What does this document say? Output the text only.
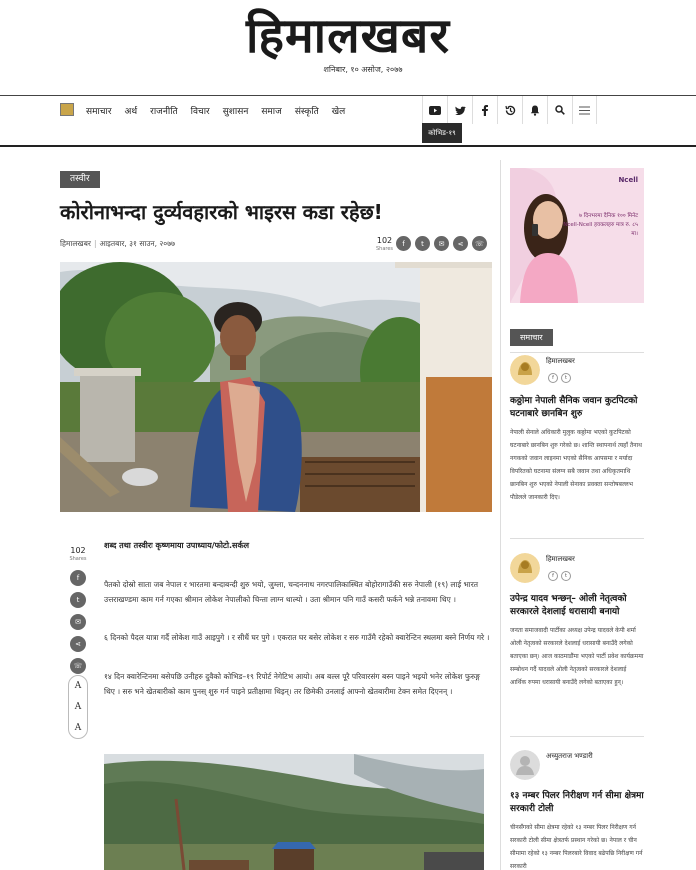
हिमालखबर
शनिबार, १० असोज, २०७७
समाचार अर्थ राजनीति विचार सुशासन समाज संस्कृति खेल
कोभिड-१९
तस्वीर
कोरोनाभन्दा दुर्व्यवहारको भाइरस कडा रहेछ!
हिमालखबर | आइतबार, ३१ साउन, २०७७	102
Shares
f	t	✉	⋖	☏
102
Shares
f
t
✉
⋖
☏
A
A
A
शब्द तथा तस्वीरः कृष्णमाया उपाध्याय/फोटो.सर्कल

पैतको दोस्रो साता जब नेपाल र भारतमा बन्दाबन्दी शुरु भयो, जुम्ला, चन्दननाथ नगरपालिकास्थित बोहोरागाउँकी सरु नेपाली (१९) लाई भारत उत्तराखण्डमा काम गर्न गएका श्रीमान लोकेश नेपालीको चिन्ता लाग्न थाल्यो । उता श्रीमान पनि गाउँ कसरी फर्कने भन्ने तनावमा थिए ।

६ दिनको पैदल यात्रा गर्दै लोकेश गाउँ आइपुगे । र सीधैं घर पुगे । एकरात घर बसेर लोकेश र सरु गाउँमै रहेको क्वारेन्टिन स्थलमा बस्ने निर्णय गरे ।

१४ दिन क्वारेन्टिनमा बसेपछि उनीहरु दुवैको कोभिड–१९ रिपोर्ट नेगेटिभ आयो। अब बल्ल पूरै परिवारसंग बस्न पाइने भइयो भनेर लोकेश फुरुङ्ग थिए । सरु भने खेतबारीको काम पुनस् शुरु गर्न पाइने प्रतीक्षामा थिइन्। तर छिमेकी उनलाई आफ्नो खेतबारीमा टेक्न समेत दिएनन् ।

Ncell
७ दिनभरमा दैनिक १०० मिनेट Ncell-Ncell हवकलहरु मात्र रु. ८५ मा।
समाचार
हिमालखबर
f	t
कठ्ठोमा नेपाली सैनिक जवान कुटपिटको घटनाबारे छानबिन शुरु
नेपाली सेनाले अधिकारी मुलुक कठ्ठोमा भएको कुटपिटको घटनाबारे छानबिन शुरु गरेको छ। शान्ति स्थापनार्थ त्यहाँ तैनाथ नगकको जवान लाइनमा भएको सैनिक आपसमा र मर्यादा विपरितको घटनामा संलग्न सबै जवान तथा अधिकृतमाथि छानबिन शुरु भएको नेपाली सेनाका प्रवक्ता सन्तोषबल्लभ पौडेलले जानकारी दिए।
हिमालखबर
f	t
उपेन्द्र यादव भन्छन्– ओली नेतृत्वको सरकारले देशलाई धरासायी बनायो
जनता समाजवादी पार्टीका अध्यक्ष उपेन्द्र यादवले केपी शर्मा ओली नेतृत्वको सरकारले देशलाई धरासायी बनाउँदै लगेको बताएका छन्। आज काठमाडौंमा भएको पार्टी प्रवेश कार्यक्रममा सम्बोधन गर्दै यादवले ओली नेतृत्वको सरकारले देशलाई आर्थिक रुपमा धरासायी बनाउँदै लगेको बताएका हुन्।
अच्युतराज भण्डारी
१३ नम्बर पिलर निरीक्षण गर्न सीमा क्षेत्रमा सरकारी टोली
चीनसँगको सीमा क्षेत्रमा रहेको १३ नम्बर पिलर निरीक्षण गर्न सरकारी टोली सीमा क्षेत्रतर्फ प्रस्थान गरेको छ। नेपाल र चीन सीमामा रहेको १३ नम्बर पिलरबारे विवाद बढेपछि निरीक्षण गर्न सरकारी
